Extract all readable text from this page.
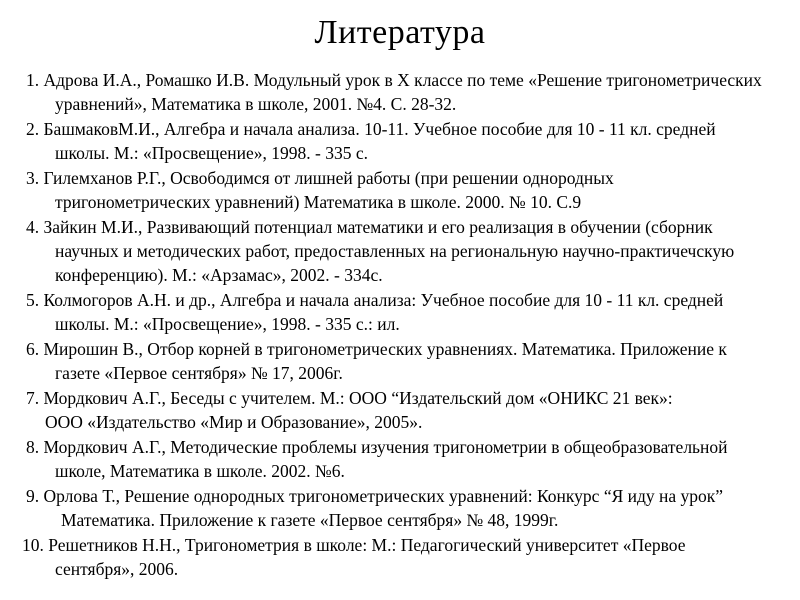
Литература
1. Адрова И.А., Ромашко И.В. Модульный урок в X классе по теме «Решение тригонометрических
уравнений», Математика в школе, 2001. №4. С. 28-32.
2. БашмаковМ.И., Алгебра и начала анализа. 10-11. Учебное пособие для 10 - 11 кл. средней
школы. М.: «Просвещение», 1998. - 335 с.
3. Гилемханов Р.Г., Освободимся от лишней работы (при решении однородных
тригонометрических уравнений) Математика в школе. 2000. № 10. С.9
4. Зайкин М.И., Развивающий потенциал математики и его реализация в обучении (сборник
научных и методических работ, предоставленных на региональную научно-практичечскую
конференцию). М.: «Арзамас», 2002. - 334с.
5. Колмогоров А.Н. и др., Алгебра и начала анализа: Учебное пособие для 10 - 11 кл. средней
школы. М.: «Просвещение», 1998. - 335 с.: ил.
6. Мирошин В., Отбор корней в тригонометрических уравнениях. Математика. Приложение к
газете «Первое сентября» № 17, 2006г.
7. Мордкович А.Г., Беседы с учителем. М.: ООО “Издательский дом «ОНИКС 21 век»:
ООО «Издательство «Мир и Образование», 2005».
8. Мордкович А.Г., Методические проблемы изучения тригонометрии в общеобразовательной
школе, Математика в школе. 2002. №6.
9. Орлова Т., Решение однородных тригонометрических уравнений: Конкурс “Я иду на урок”
Математика. Приложение к газете «Первое сентября» № 48, 1999г.
10. Решетников Н.Н., Тригонометрия в школе: М.: Педагогический университет «Первое
сентября», 2006.
